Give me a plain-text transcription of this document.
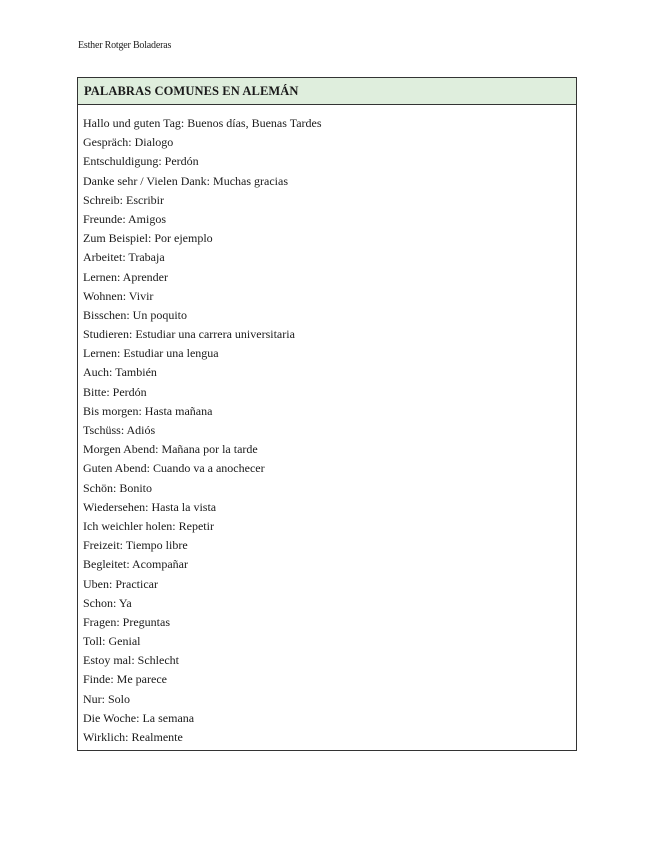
Esther Rotger Boladeras
PALABRAS COMUNES EN ALEMÁN
Hallo und guten Tag: Buenos días, Buenas Tardes
Gespräch: Dialogo
Entschuldigung: Perdón
Danke sehr / Vielen Dank: Muchas gracias
Schreib: Escribir
Freunde: Amigos
Zum Beispiel: Por ejemplo
Arbeitet: Trabaja
Lernen: Aprender
Wohnen: Vivir
Bisschen: Un poquito
Studieren: Estudiar una carrera universitaria
Lernen: Estudiar una lengua
Auch: También
Bitte: Perdón
Bis morgen: Hasta mañana
Tschüss: Adiós
Morgen Abend: Mañana por la tarde
Guten Abend: Cuando va a anochecer
Schön: Bonito
Wiedersehen: Hasta la vista
Ich weichler holen: Repetir
Freizeit: Tiempo libre
Begleitet: Acompañar
Uben: Practicar
Schon: Ya
Fragen: Preguntas
Toll: Genial
Estoy mal: Schlecht
Finde: Me parece
Nur: Solo
Die Woche: La semana
Wirklich: Realmente
